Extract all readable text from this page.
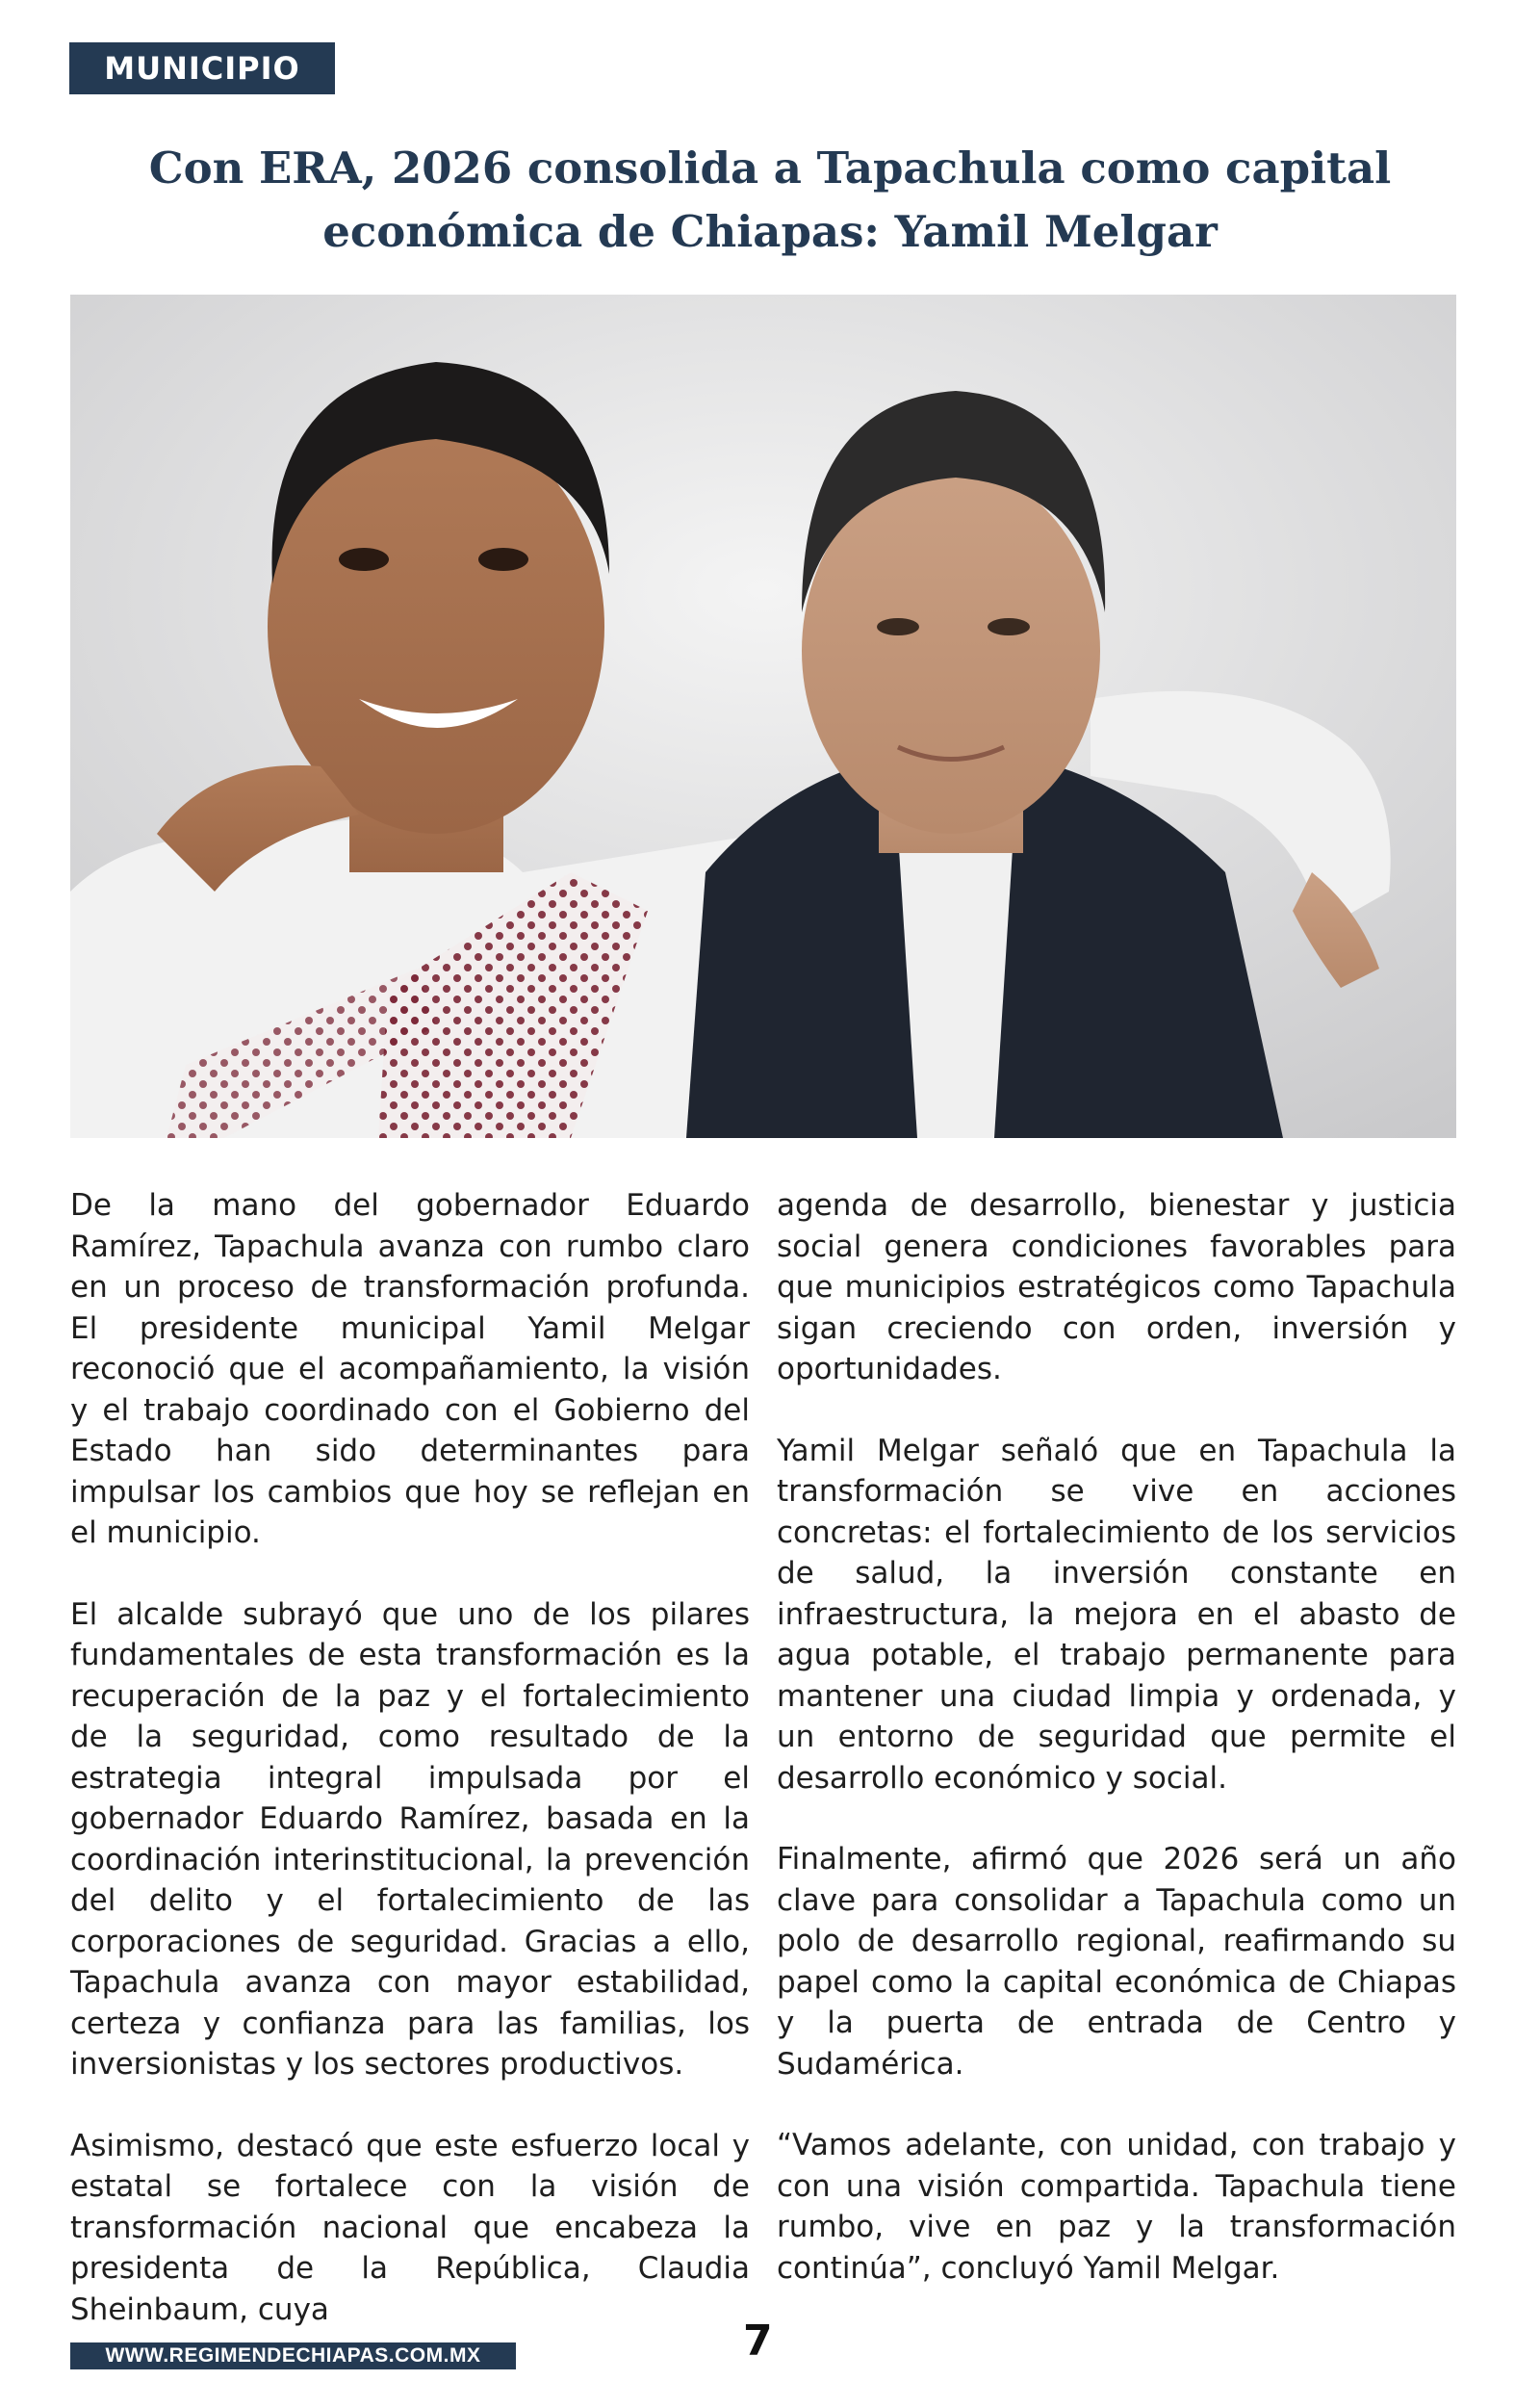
MUNICIPIO
Con ERA, 2026 consolida a Tapachula como capital económica de Chiapas: Yamil Melgar

De la mano del gobernador Eduardo Ramírez, Tapachula avanza con rumbo claro en un proceso de transformación profunda. El presidente municipal Yamil Melgar reconoció que el acompañamiento, la visión y el trabajo coordinado con el Gobierno del Estado han sido determinantes para impulsar los cambios que hoy se reflejan en el municipio.

El alcalde subrayó que uno de los pilares fundamentales de esta transformación es la recuperación de la paz y el fortalecimiento de la seguridad, como resultado de la estrategia integral impulsada por el gobernador Eduardo Ramírez, basada en la coordinación interinstitucional, la prevención del delito y el fortalecimiento de las corporaciones de seguridad. Gracias a ello, Tapachula avanza con mayor estabilidad, certeza y confianza para las familias, los inversionistas y los sectores productivos.

Asimismo, destacó que este esfuerzo local y estatal se fortalece con la visión de transformación nacional que encabeza la presidenta de la República, Claudia Sheinbaum, cuya

agenda de desarrollo, bienestar y justicia social genera condiciones favorables para que municipios estratégicos como Tapachula sigan creciendo con orden, inversión y oportunidades.

Yamil Melgar señaló que en Tapachula la transformación se vive en acciones concretas: el fortalecimiento de los servicios de salud, la inversión constante en infraestructura, la mejora en el abasto de agua potable, el trabajo permanente para mantener una ciudad limpia y ordenada, y un entorno de seguridad que permite el desarrollo económico y social.

Finalmente, afirmó que 2026 será un año clave para consolidar a Tapachula como un polo de desarrollo regional, reafirmando su papel como la capital económica de Chiapas y la puerta de entrada de Centro y Sudamérica.

“Vamos adelante, con unidad, con trabajo y con una visión compartida. Tapachula tiene rumbo, vive en paz y la transformación continúa”, concluyó Yamil Melgar.

WWW.REGIMENDECHIAPAS.COM.MX	7
